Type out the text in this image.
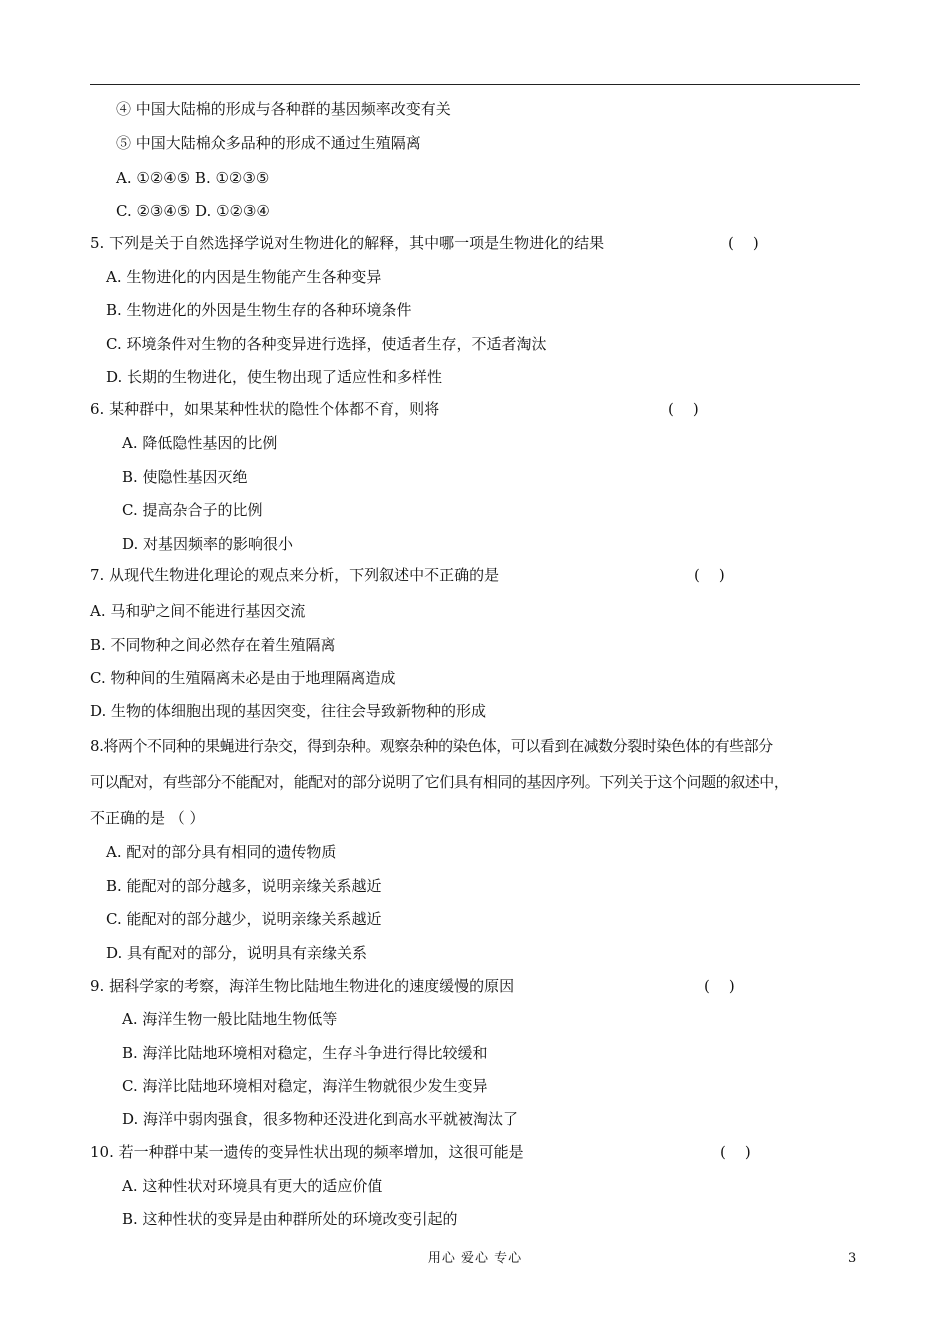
④ 中国大陆棉的形成与各种群的基因频率改变有关
⑤ 中国大陆棉众多品种的形成不通过生殖隔离
A. ①②④⑤ B. ①②③⑤
C. ②③④⑤ D. ①②③④
5. 下列是关于自然选择学说对生物进化的解释，其中哪一项是生物进化的结果	(    )
A. 生物进化的内因是生物能产生各种变异
B. 生物进化的外因是生物生存的各种环境条件
C. 环境条件对生物的各种变异进行选择，使适者生存，不适者淘汰
D. 长期的生物进化，使生物出现了适应性和多样性
6. 某种群中，如果某种性状的隐性个体都不育，则将	(    )
A. 降低隐性基因的比例
B. 使隐性基因灭绝
C. 提高杂合子的比例
D. 对基因频率的影响很小
7. 从现代生物进化理论的观点来分析，下列叙述中不正确的是	(    )
A. 马和驴之间不能进行基因交流
B. 不同物种之间必然存在着生殖隔离
C. 物种间的生殖隔离未必是由于地理隔离造成
D. 生物的体细胞出现的基因突变，往往会导致新物种的形成
8.将两个不同种的果蝇进行杂交，得到杂种。观察杂种的染色体，可以看到在减数分裂时染色体的有些部分
可以配对，有些部分不能配对，能配对的部分说明了它们具有相同的基因序列。下列关于这个问题的叙述中，
不正确的是 （ ）
A. 配对的部分具有相同的遗传物质
B. 能配对的部分越多，说明亲缘关系越近
C. 能配对的部分越少，说明亲缘关系越近
D. 具有配对的部分，说明具有亲缘关系
9. 据科学家的考察，海洋生物比陆地生物进化的速度缓慢的原因	(    )
A. 海洋生物一般比陆地生物低等
B. 海洋比陆地环境相对稳定，生存斗争进行得比较缓和
C. 海洋比陆地环境相对稳定，海洋生物就很少发生变异
D. 海洋中弱肉强食，很多物种还没进化到高水平就被淘汰了
10. 若一种群中某一遗传的变异性状出现的频率增加，这很可能是	(    )
A. 这种性状对环境具有更大的适应价值
B. 这种性状的变异是由种群所处的环境改变引起的
用心 爱心 专心	3
